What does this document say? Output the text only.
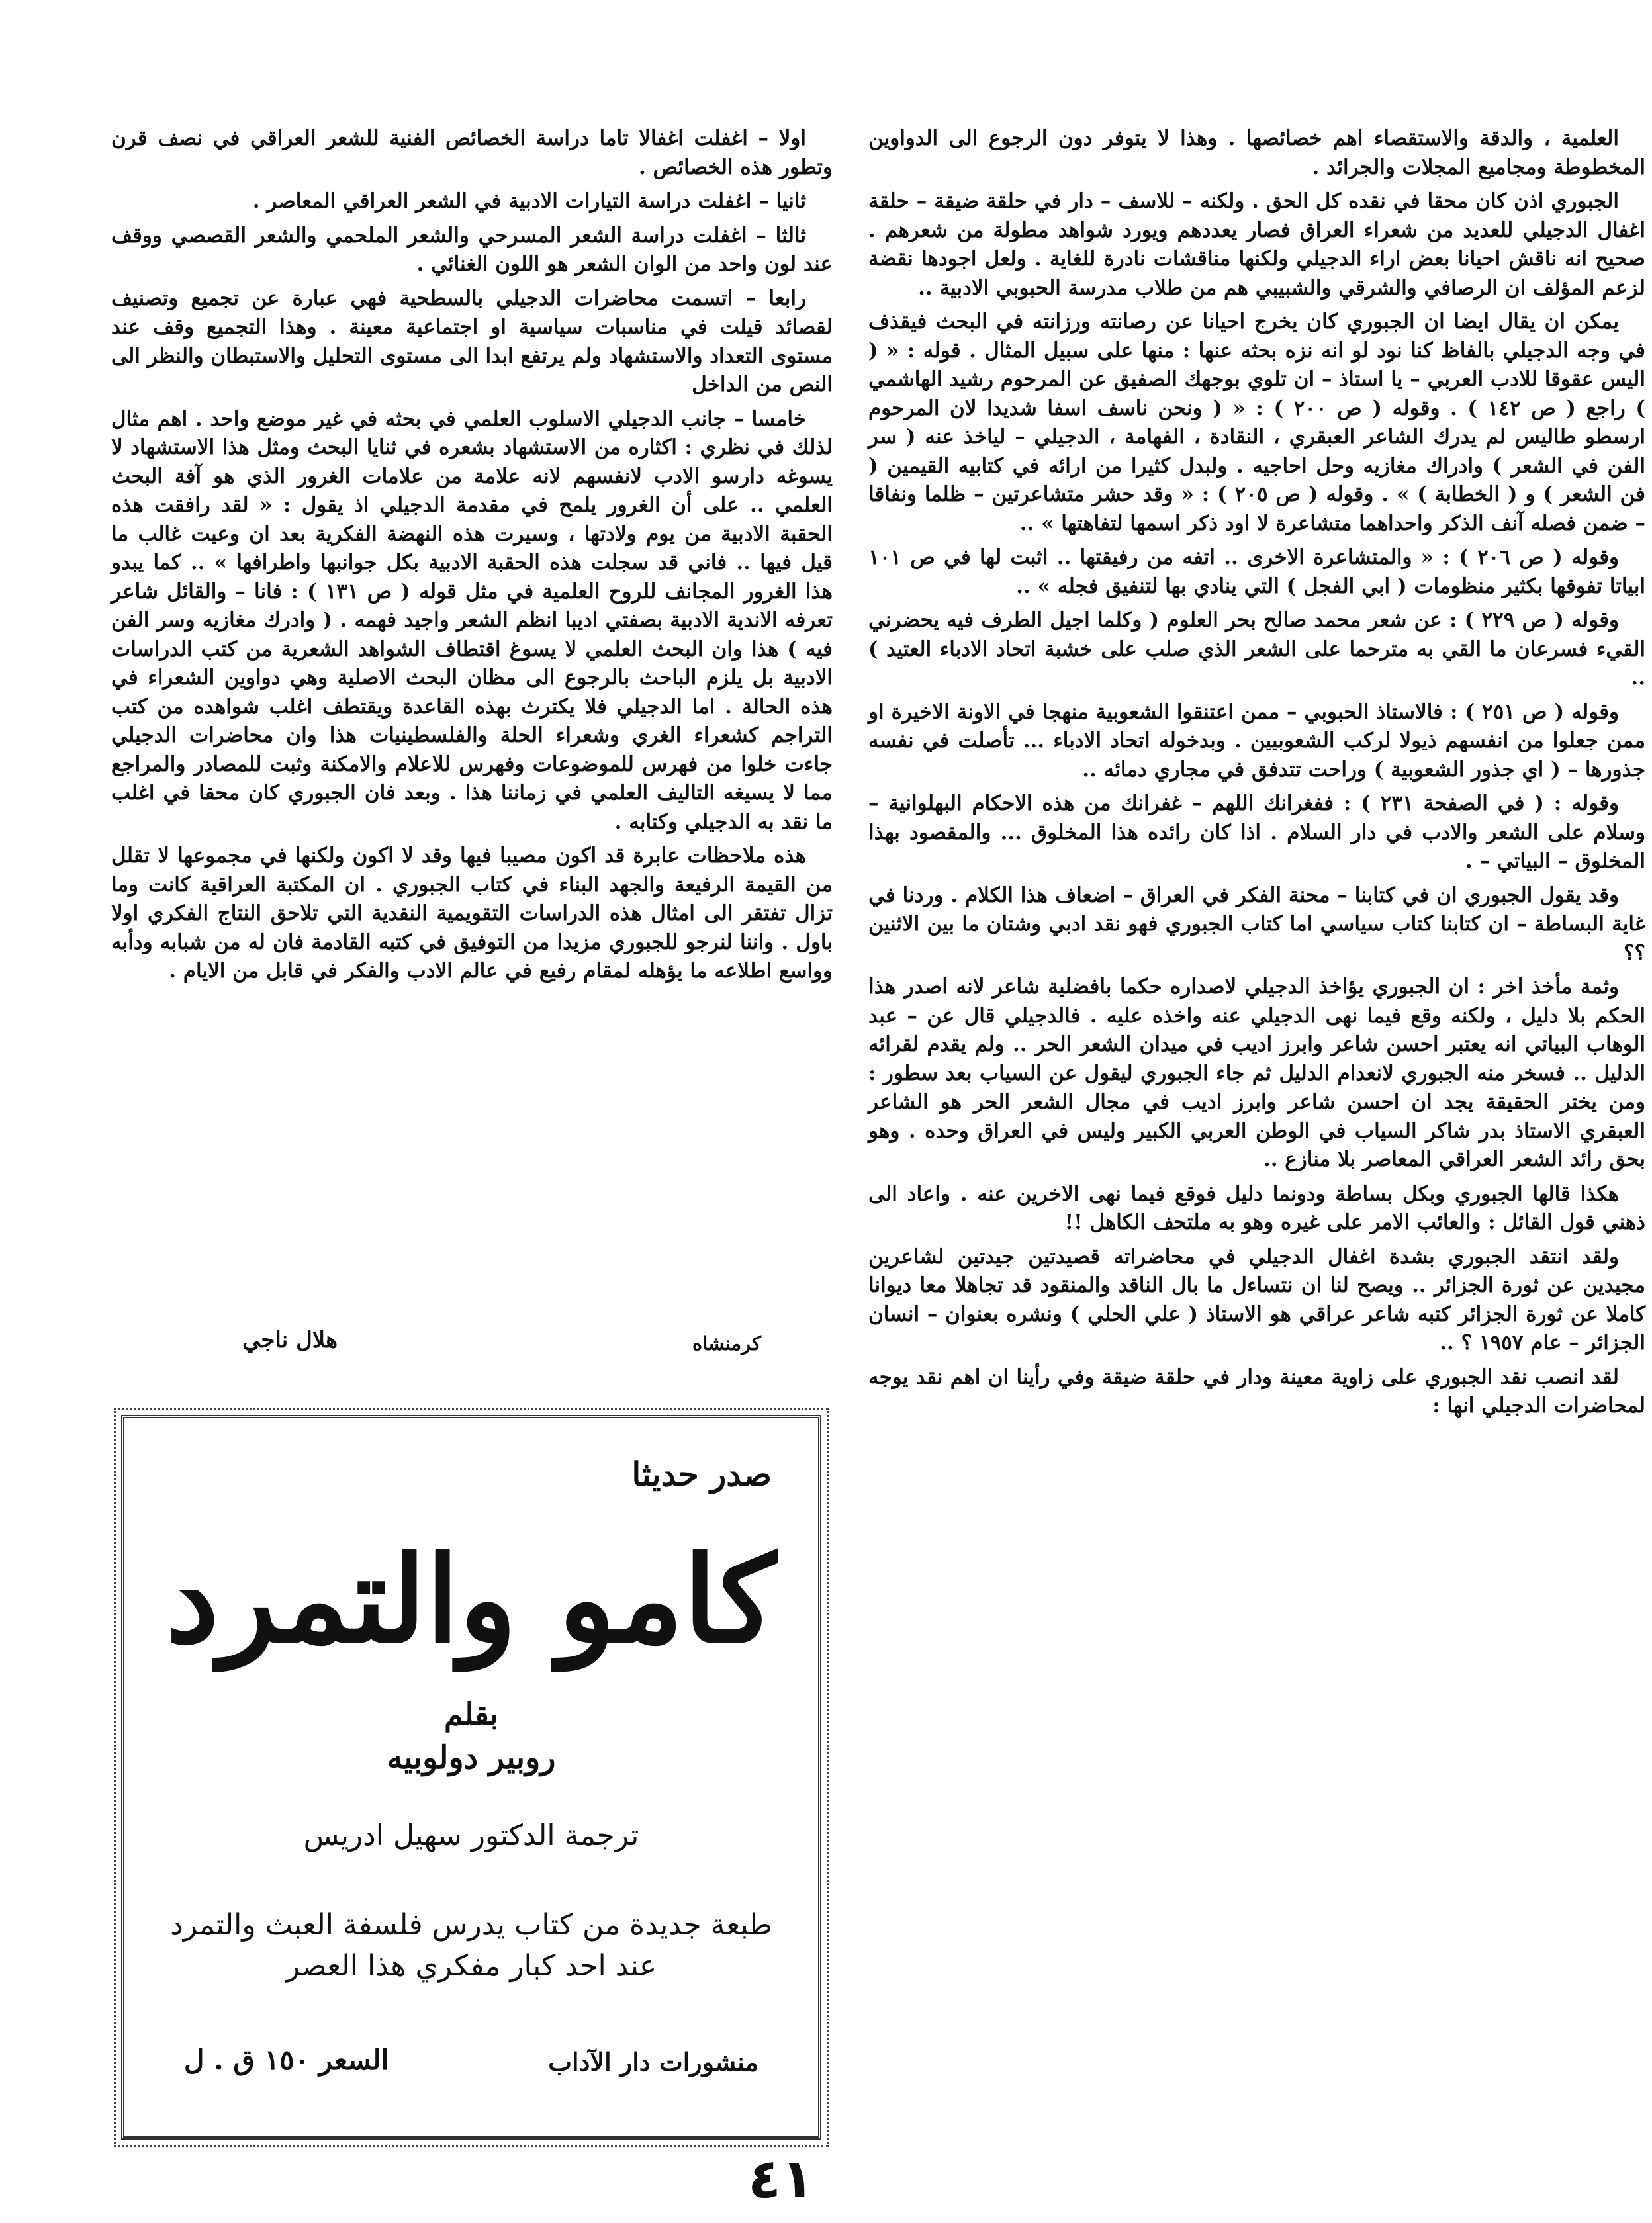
العلمية ، والدقة والاستقصاء اهم خصائصها . وهذا لا يتوفر دون الرجوع الى الدواوين المخطوطة ومجاميع المجلات والجرائد .

الجبوري اذن كان محقا في نقده كل الحق . ولكنه – للاسف – دار في حلقة ضيقة – حلقة اغفال الدجيلي للعديد من شعراء العراق فصار يعددهم ويورد شواهد مطولة من شعرهم . صحيح انه ناقش احيانا بعض اراء الدجيلي ولكنها مناقشات نادرة للغاية . ولعل اجودها نقضة لزعم المؤلف ان الرصافي والشرقي والشبيبي هم من طلاب مدرسة الحبوبي الادبية ..

يمكن ان يقال ايضا ان الجبوري كان يخرج احيانا عن رصانته ورزانته في البحث فيقذف في وجه الدجيلي بالفاظ كنا نود لو انه نزه بحثه عنها : منها على سبيل المثال . قوله : « ( اليس عقوقا للادب العربي – يا استاذ – ان تلوي بوجهك الصفيق عن المرحوم رشيد الهاشمي ) راجع ( ص ١٤٢ ) . وقوله ( ص ٢٠٠ ) : « ( ونحن ناسف اسفا شديدا لان المرحوم ارسطو طاليس لم يدرك الشاعر العبقري ، النقادة ، الفهامة ، الدجيلي – لياخذ عنه ( سر الفن في الشعر ) وادراك مغازيه وحل احاجيه . ولبدل كثيرا من ارائه في كتابيه القيمين ( فن الشعر ) و ( الخطابة ) » . وقوله ( ص ٢٠٥ ) : « وقد حشر متشاعرتين – ظلما ونفاقا – ضمن فصله آنف الذكر واحداهما متشاعرة لا اود ذكر اسمها لتفاهتها » ..

وقوله ( ص ٢٠٦ ) : « والمتشاعرة الاخرى .. اتفه من رفيقتها .. اثبت لها في ص ١٠١ ابياتا تفوقها بكثير منظومات ( ابي الفجل ) التي ينادي بها لتنفيق فجله » ..

وقوله ( ص ٢٢٩ ) : عن شعر محمد صالح بحر العلوم ( وكلما اجيل الطرف فيه يحضرني القيء فسرعان ما القي به مترحما على الشعر الذي صلب على خشبة اتحاد الادباء العتيد ) ..

وقوله ( ص ٢٥١ ) : فالاستاذ الحبوبي – ممن اعتنقوا الشعوبية منهجا في الاونة الاخيرة او ممن جعلوا من انفسهم ذيولا لركب الشعوبيين . وبدخوله اتحاد الادباء ... تأصلت في نفسه جذورها – ( اي جذور الشعوبية ) وراحت تتدفق في مجاري دمائه ..

وقوله : ( في الصفحة ٢٣١ ) : ففغرانك اللهم – غفرانك من هذه الاحكام البهلوانية – وسلام على الشعر والادب في دار السلام . اذا كان رائده هذا المخلوق ... والمقصود بهذا المخلوق – البياتي – .

وقد يقول الجبوري ان في كتابنا – محنة الفكر في العراق – اضعاف هذا الكلام . وردنا في غاية البساطة – ان كتابنا كتاب سياسي اما كتاب الجبوري فهو نقد ادبي وشتان ما بين الاثنين ؟؟

وثمة مأخذ اخر : ان الجبوري يؤاخذ الدجيلي لاصداره حكما بافضلية شاعر لانه اصدر هذا الحكم بلا دليل ، ولكنه وقع فيما نهى الدجيلي عنه واخذه عليه . فالدجيلي قال عن – عبد الوهاب البياتي انه يعتبر احسن شاعر وابرز اديب في ميدان الشعر الحر .. ولم يقدم لقرائه الدليل .. فسخر منه الجبوري لانعدام الدليل ثم جاء الجبوري ليقول عن السياب بعد سطور : ومن يختر الحقيقة يجد ان احسن شاعر وابرز اديب في مجال الشعر الحر هو الشاعر العبقري الاستاذ بدر شاكر السياب في الوطن العربي الكبير وليس في العراق وحده . وهو بحق رائد الشعر العراقي المعاصر بلا منازع ..

هكذا قالها الجبوري وبكل بساطة ودونما دليل فوقع فيما نهى الاخرين عنه . واعاد الى ذهني قول القائل : والعائب الامر على غيره وهو به ملتحف الكاهل !!

ولقد انتقد الجبوري بشدة اغفال الدجيلي في محاضراته قصيدتين جيدتين لشاعرين مجيدين عن ثورة الجزائر .. ويصح لنا ان نتساءل ما بال الناقد والمنقود قد تجاهلا معا ديوانا كاملا عن ثورة الجزائر كتبه شاعر عراقي هو الاستاذ ( علي الحلي ) ونشره بعنوان – انسان الجزائر – عام ١٩٥٧ ؟ ..

لقد انصب نقد الجبوري على زاوية معينة ودار في حلقة ضيقة وفي رأينا ان اهم نقد يوجه لمحاضرات الدجيلي انها :

اولا – اغفلت اغفالا تاما دراسة الخصائص الفنية للشعر العراقي في نصف قرن وتطور هذه الخصائص .

ثانيا – اغفلت دراسة التيارات الادبية في الشعر العراقي المعاصر .

ثالثا – اغفلت دراسة الشعر المسرحي والشعر الملحمي والشعر القصصي ووقف عند لون واحد من الوان الشعر هو اللون الغنائي .

رابعا – اتسمت محاضرات الدجيلي بالسطحية فهي عبارة عن تجميع وتصنيف لقصائد قيلت في مناسبات سياسية او اجتماعية معينة . وهذا التجميع وقف عند مستوى التعداد والاستشهاد ولم يرتفع ابدا الى مستوى التحليل والاستبطان والنظر الى النص من الداخل

خامسا – جانب الدجيلي الاسلوب العلمي في بحثه في غير موضع واحد . اهم مثال لذلك في نظري : اكثاره من الاستشهاد بشعره في ثنايا البحث ومثل هذا الاستشهاد لا يسوغه دارسو الادب لانفسهم لانه علامة من علامات الغرور الذي هو آفة البحث العلمي .. على أن الغرور يلمح في مقدمة الدجيلي اذ يقول : « لقد رافقت هذه الحقبة الادبية من يوم ولادتها ، وسيرت هذه النهضة الفكرية بعد ان وعيت غالب ما قيل فيها .. فاني قد سجلت هذه الحقبة الادبية بكل جوانبها واطرافها » .. كما يبدو هذا الغرور المجانف للروح العلمية في مثل قوله ( ص ١٣١ ) : فانا – والقائل شاعر تعرفه الاندية الادبية بصفتي اديبا انظم الشعر واجيد فهمه . ( وادرك مغازيه وسر الفن فيه ) هذا وان البحث العلمي لا يسوغ اقتطاف الشواهد الشعرية من كتب الدراسات الادبية بل يلزم الباحث بالرجوع الى مظان البحث الاصلية وهي دواوين الشعراء في هذه الحالة . اما الدجيلي فلا يكترث بهذه القاعدة ويقتطف اغلب شواهده من كتب التراجم كشعراء الغري وشعراء الحلة والفلسطينيات هذا وان محاضرات الدجيلي جاءت خلوا من فهرس للموضوعات وفهرس للاعلام والامكنة وثبت للمصادر والمراجع مما لا يسيغه التاليف العلمي في زماننا هذا . وبعد فان الجبوري كان محقا في اغلب ما نقد به الدجيلي وكتابه .

هذه ملاحظات عابرة قد اكون مصيبا فيها وقد لا اكون ولكنها في مجموعها لا تقلل من القيمة الرفيعة والجهد البناء في كتاب الجبوري . ان المكتبة العراقية كانت وما تزال تفتقر الى امثال هذه الدراسات التقويمية النقدية التي تلاحق النتاج الفكري اولا باول . واننا لنرجو للجبوري مزيدا من التوفيق في كتبه القادمة فان له من شبابه ودأبه وواسع اطلاعه ما يؤهله لمقام رفيع في عالم الادب والفكر في قابل من الايام .

هلال ناجي	كرمنشاه
صدر حديثا
كامو والتمرد
بقلم
روبير دولوبيه
ترجمة الدكتور سهيل ادريس
طبعة جديدة من كتاب يدرس فلسفة العبث والتمرد عند احد كبار مفكري هذا العصر
منشورات دار الآداب
السعر ١٥٠ ق . ل
٤١
